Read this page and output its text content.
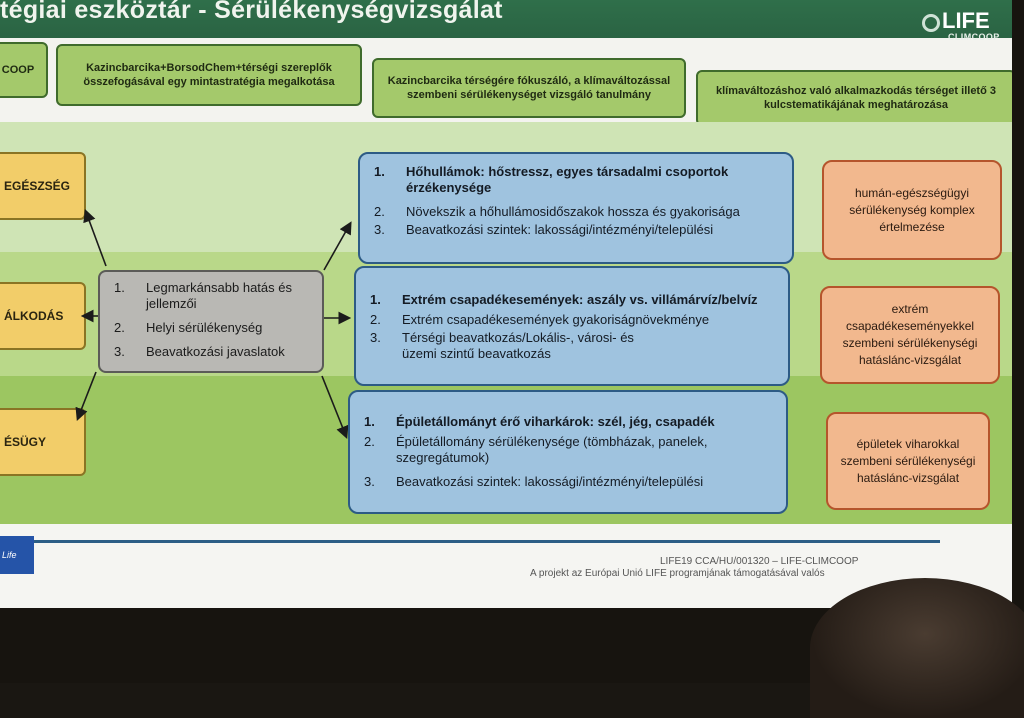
tégiai eszköztár - Sérülékenységvizsgálat	LIFE
CLIMCOOP
COOP	Kazincbarcika+BorsodChem+térségi szereplők összefogásával egy mintastratégia megalkotása	Kazincbarcika térségére fókuszáló, a klímaváltozással szembeni sérülékenységet vizsgáló tanulmány	klímaváltozáshoz való alkalmazkodás térséget illető 3 kulcstematikájának meghatározása
EGÉSZSÉG
ÁLKODÁS
ÉSÜGY
1. Legmarkánsabb hatás és jellemzői
2. Helyi sérülékenység
3. Beavatkozási javaslatok
1. Hőhullámok: hőstressz, egyes társadalmi csoportok érzékenysége
2. Növekszik a hőhullámosidőszakok hossza és gyakorisága
3. Beavatkozási szintek: lakossági/intézményi/települési
1. Extrém csapadékesemények: aszály vs. villámárvíz/belvíz
2. Extrém csapadékesemények gyakoriságnövekménye
3. Térségi beavatkozás/Lokális-, városi- és üzemi szintű beavatkozás
1. Épületállományt érő viharkárok: szél, jég, csapadék
2. Épületállomány sérülékenysége (tömbházak, panelek, szegregátumok)
3. Beavatkozási szintek: lakossági/intézményi/települési
humán-egészségügyi sérülékenység komplex értelmezése
extrém csapadékeseményekkel szembeni sérülékenységi hatáslánc-vizsgálat
épületek viharokkal szembeni sérülékenységi hatáslánc-vizsgálat
Life
LIFE19 CCA/HU/001320 – LIFE-CLIMCOOP
A projekt az Európai Unió LIFE programjának támogatásával valós
